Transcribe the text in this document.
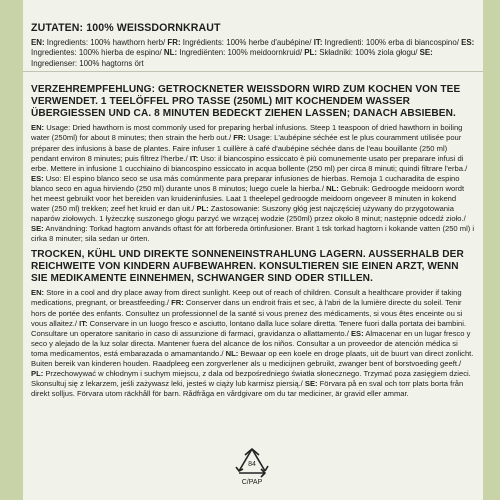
ZUTATEN: 100% WEISSDORNKRAUT

EN: Ingredients: 100% hawthorn herb/ FR: Ingrédients: 100% herbe d'aubépine/ IT: Ingredienti: 100% erba di biancospino/ ES: Ingredientes: 100% hierba de espino/ NL: Ingrediënten: 100% meidoornkruid/ PL: Składniki: 100% ziola głogu/ SE: Ingredienser: 100% hagtorns ört

VERZEHREMPFEHLUNG: GETROCKNETER WEISSDORN WIRD ZUM KOCHEN VON TEE VERWENDET. 1 TEELÖFFEL PRO TASSE (250ML) MIT KOCHENDEM WASSER ÜBERGIESSEN UND CA. 8 MINUTEN BEDECKT ZIEHEN LASSEN; DANACH ABSIEBEN.

EN: Usage: Dried hawthorn is most commonly used for preparing herbal infusions. Steep 1 teaspoon of dried hawthorn in boiling water (250ml) for about 8 minutes; then strain the herb out./ FR: Usage: L'aubépine séchée est le plus couramment utilisée pour préparer des infusions à base de plantes. Faire infuser 1 cuillère à café d'aubépine séchée dans de l'eau bouillante (250 ml) pendant environ 8 minutes; puis filtrez l'herbe./ IT: Uso: il biancospino essiccato è più comunemente usato per preparare infusi di erbe. Mettere in infusione 1 cucchiaino di biancospino essiccato in acqua bollente (250 ml) per circa 8 minuti; quindi filtrare l'erba./ ES: Uso: El espino blanco seco se usa más comúnmente para preparar infusiones de hierbas. Remoja 1 cucharadita de espino blanco seco en agua hirviendo (250 ml) durante unos 8 minutos; luego cuele la hierba./ NL: Gebruik: Gedroogde meidoorn wordt het meest gebruikt voor het bereiden van kruideninfusies. Laat 1 theelepel gedroogde meidoorn ongeveer 8 minuten in kokend water (250 ml) trekken; zeef het kruid er dan uit./ PL: Zastosowanie: Suszony głóg jest najczęściej używany do przygotowania naparów ziołowych. 1 łyżeczkę suszonego głogu parzyć we wrzącej wodzie (250ml) przez około 8 minut; następnie odcedź zioło./ SE: Användning: Torkad hagtorn används oftast för att förbereda örtinfusioner. Brant 1 tsk torkad hagtorn i kokande vatten (250 ml) i cirka 8 minuter; sila sedan ur örten.

TROCKEN, KÜHL UND DIREKTE SONNENEINSTRAHLUNG LAGERN. AUSSERHALB DER REICHWEITE VON KINDERN AUFBEWAHREN. KONSULTIEREN SIE EINEN ARZT, WENN SIE MEDIKAMENTE EINNEHMEN, SCHWANGER SIND ODER STILLEN.

EN: Store in a cool and dry place away from direct sunlight. Keep out of reach of children. Consult a healthcare provider if taking medications, pregnant, or breastfeeding./ FR: Conserver dans un endroit frais et sec, à l'abri de la lumière directe du soleil. Tenir hors de portée des enfants. Consultez un professionnel de la santé si vous prenez des médicaments, si vous êtes enceinte ou si vous allaitez./ IT: Conservare in un luogo fresco e asciutto, lontano dalla luce solare diretta. Tenere fuori dalla portata dei bambini. Consultare un operatore sanitario in caso di assunzione di farmaci, gravidanza o allattamento./ ES: Almacenar en un lugar fresco y seco y alejado de la luz solar directa. Mantener fuera del alcance de los niños. Consultar a un proveedor de atención médica si toma medicamentos, está embarazada o amamantando./ NL: Bewaar op een koele en droge plaats, uit de buurt van direct zonlicht. Buiten bereik van kinderen houden. Raadpleeg een zorgverlener als u medicijnen gebruikt, zwanger bent of borstvoeding geeft./ PL: Przechowywać w chłodnym i suchym miejscu, z dala od bezpośredniego światła słonecznego. Trzymać poza zasięgiem dzieci. Skonsultuj się z lekarzem, jeśli zażywasz leki, jesteś w ciąży lub karmisz piersią./ SE: Förvara på en sval och torr plats borta från direkt solljus. Förvara utom räckhåll för barn. Rådfråga en vårdgivare om du tar mediciner, är gravid eller ammar.

84
C/PAP
